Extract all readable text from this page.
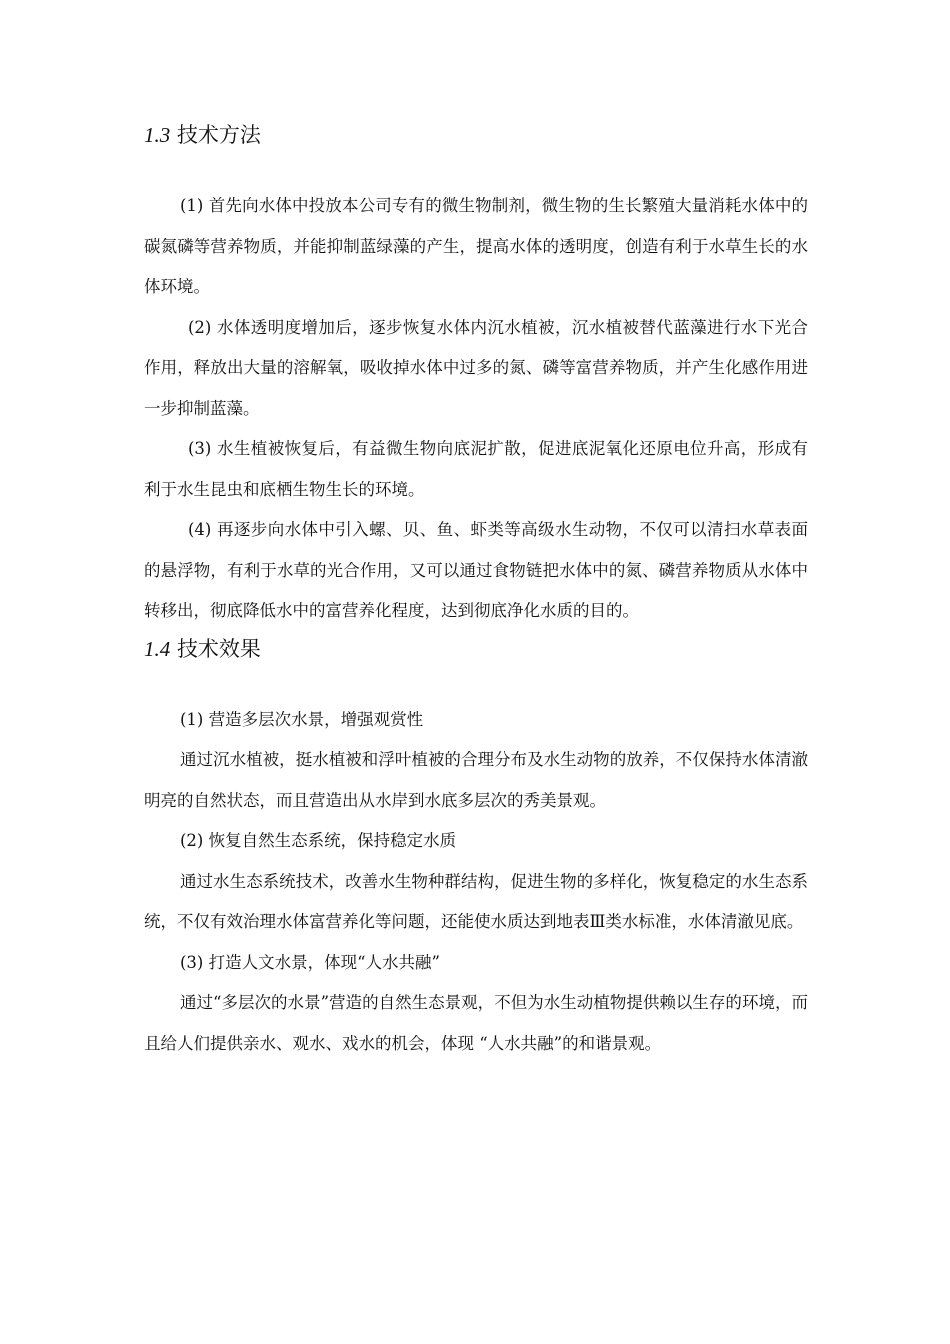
1.3 技术方法

(1) 首先向水体中投放本公司专有的微生物制剂，微生物的生长繁殖大量消耗水体中的碳氮磷等营养物质，并能抑制蓝绿藻的产生，提高水体的透明度，创造有利于水草生长的水体环境。

(2) 水体透明度增加后，逐步恢复水体内沉水植被，沉水植被替代蓝藻进行水下光合作用，释放出大量的溶解氧，吸收掉水体中过多的氮、磷等富营养物质，并产生化感作用进一步抑制蓝藻。

(3) 水生植被恢复后，有益微生物向底泥扩散，促进底泥氧化还原电位升高，形成有利于水生昆虫和底栖生物生长的环境。

(4) 再逐步向水体中引入螺、贝、鱼、虾类等高级水生动物，不仅可以清扫水草表面的悬浮物，有利于水草的光合作用，又可以通过食物链把水体中的氮、磷营养物质从水体中转移出，彻底降低水中的富营养化程度，达到彻底净化水质的目的。

1.4 技术效果

(1) 营造多层次水景，增强观赏性

通过沉水植被，挺水植被和浮叶植被的合理分布及水生动物的放养，不仅保持水体清澈明亮的自然状态，而且营造出从水岸到水底多层次的秀美景观。

(2) 恢复自然生态系统，保持稳定水质

通过水生态系统技术，改善水生物种群结构，促进生物的多样化，恢复稳定的水生态系统，不仅有效治理水体富营养化等问题，还能使水质达到地表Ⅲ类水标准，水体清澈见底。

(3) 打造人文水景，体现“人水共融”

通过“多层次的水景”营造的自然生态景观，不但为水生动植物提供赖以生存的环境，而且给人们提供亲水、观水、戏水的机会，体现 “人水共融”的和谐景观。
